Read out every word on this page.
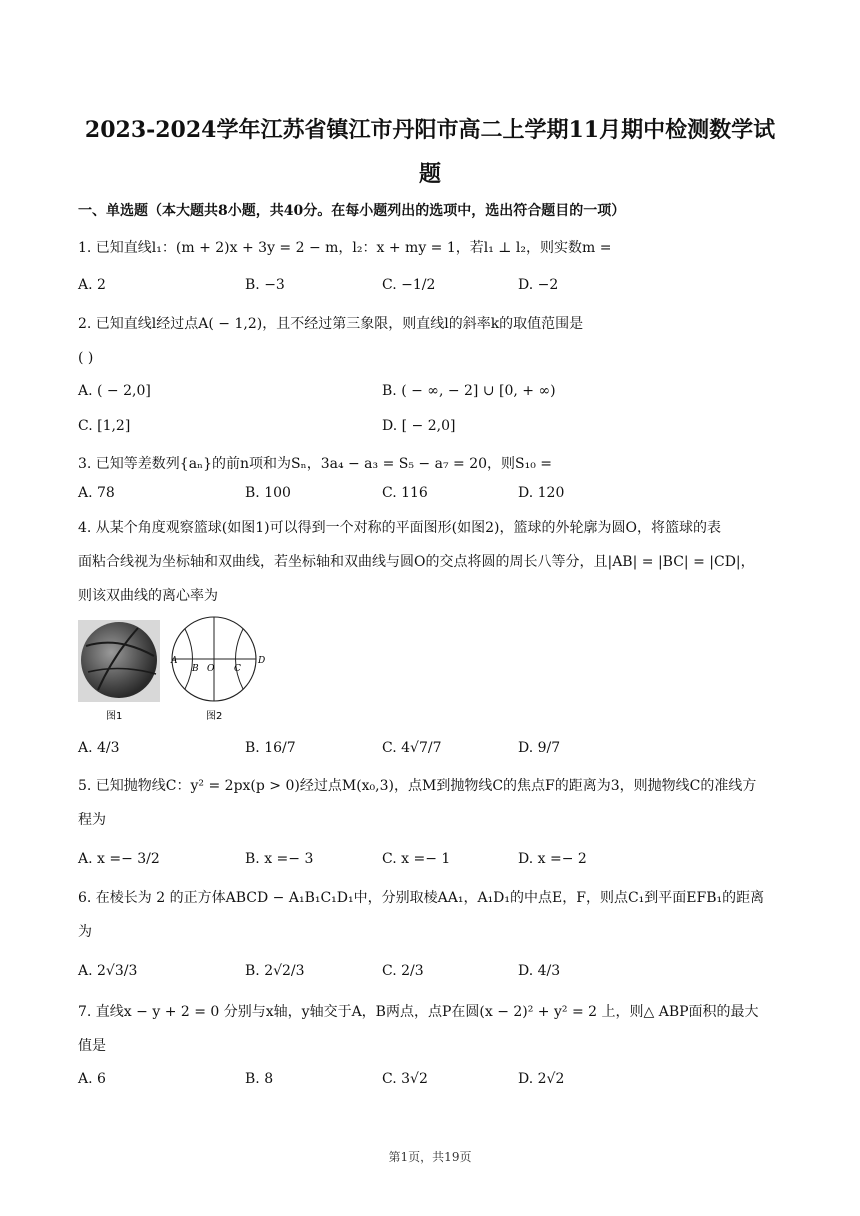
2023-2024学年江苏省镇江市丹阳市高二上学期11月期中检测数学试
题
一、单选题（本大题共8小题，共40分。在每小题列出的选项中，选出符合题目的一项）
1. 已知直线l₁：(m + 2)x + 3y = 2 − m，l₂：x + my = 1，若l₁ ⊥ l₂，则实数m =
A. 2	B. −3	C. −1/2	D. −2
2. 已知直线l经过点A( − 1,2)，且不经过第三象限，则直线l的斜率k的取值范围是
( )
A. ( − 2,0]	B. ( − ∞, − 2] ∪ [0, + ∞)
C. [1,2]	D. [ − 2,0]
3. 已知等差数列{aₙ}的前n项和为Sₙ，3a₄ − a₃ = S₅ − a₇ = 20，则S₁₀ =
A. 78	B. 100	C. 116	D. 120
4. 从某个角度观察篮球(如图1)可以得到一个对称的平面图形(如图2)，篮球的外轮廓为圆O，将篮球的表
面粘合线视为坐标轴和双曲线，若坐标轴和双曲线与圆O的交点将圆的周长八等分，且|AB| = |BC| = |CD|，
则该双曲线的离心率为
图1
A
B O C
D
图2
A. 4/3	B. 16/7	C. 4√7/7	D. 9/7
5. 已知抛物线C：y² = 2px(p > 0)经过点M(x₀,3)，点M到抛物线C的焦点F的距离为3，则抛物线C的准线方
程为
A. x =− 3/2	B. x =− 3	C. x =− 1	D. x =− 2
6. 在棱长为 2 的正方体ABCD − A₁B₁C₁D₁中，分别取棱AA₁，A₁D₁的中点E，F，则点C₁到平面EFB₁的距离
为
A. 2√3/3	B. 2√2/3	C. 2/3	D. 4/3
7. 直线x − y + 2 = 0 分别与x轴，y轴交于A，B两点，点P在圆(x − 2)² + y² = 2 上，则△ ABP面积的最大
值是
A. 6	B. 8	C. 3√2	D. 2√2
第1页，共19页
